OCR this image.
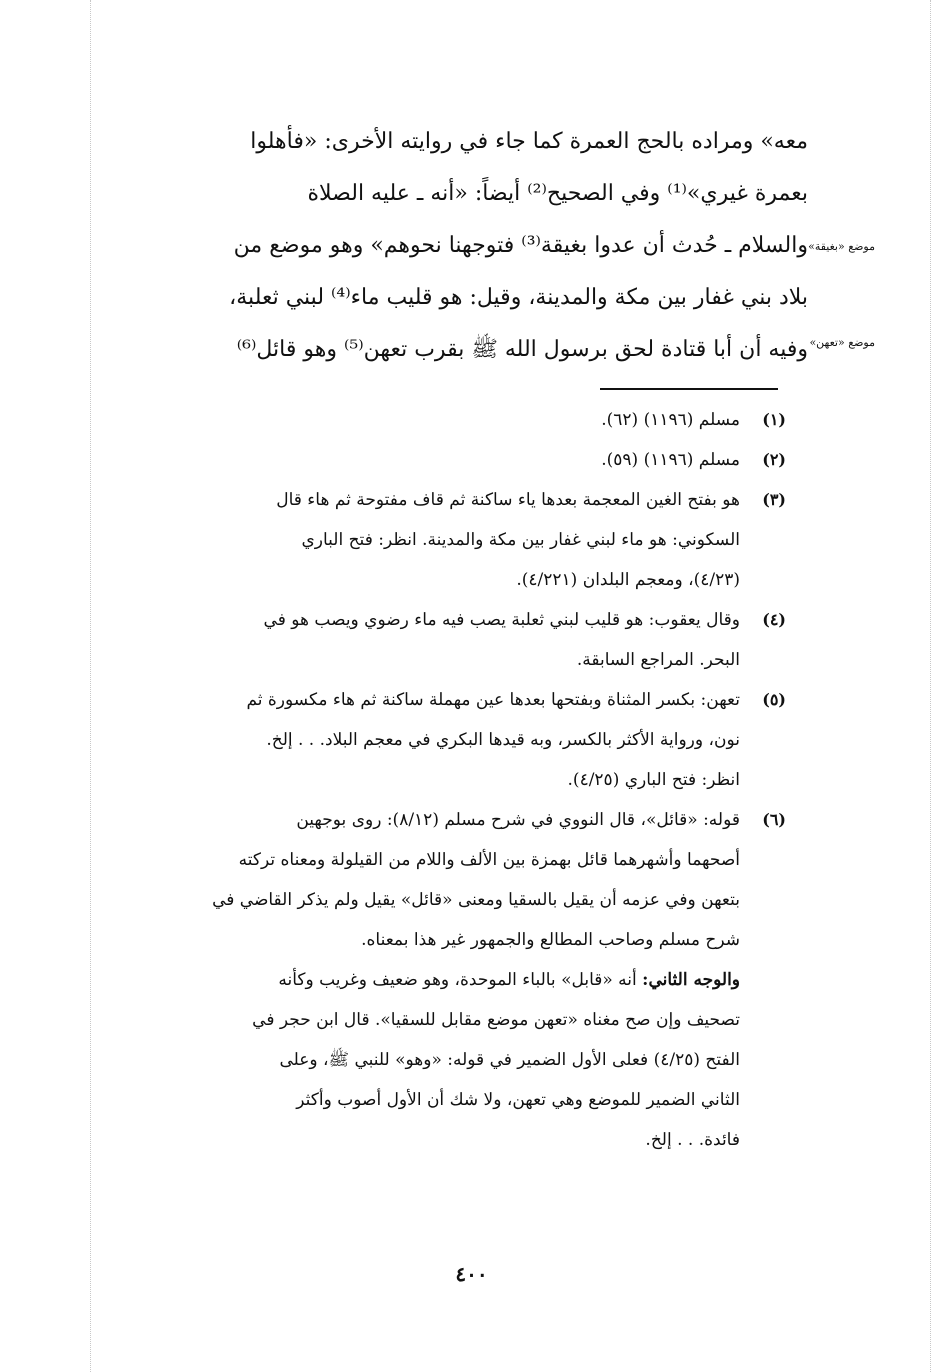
معه» ومراده بالحج العمرة كما جاء في روايته الأخرى: «فأهلوا
بعمرة غيري»⁽¹⁾ وفي الصحيح⁽²⁾ أيضاً: «أنه ـ عليه الصلاة
والسلام ـ حُدث أن عدوا بغيقة⁽³⁾ فتوجهنا نحوهم» وهو موضع من
بلاد بني غفار بين مكة والمدينة، وقيل: هو قليب ماء⁽⁴⁾ لبني ثعلبة،
وفيه أن أبا قتادة لحق برسول الله ﷺ بقرب تعهن⁽⁵⁾ وهو قائل⁽⁶⁾
موضع «بغيقة»
موضع «تعهن»
(١)
مسلم (١١٩٦) (٦٢).
(٢)
مسلم (١١٩٦) (٥٩).
(٣)
هو بفتح الغين المعجمة بعدها ياء ساكنة ثم قاف مفتوحة ثم هاء قال
السكوني: هو ماء لبني غفار بين مكة والمدينة. انظر: فتح الباري
(٤/٢٣)، ومعجم البلدان (٤/٢٢١).
(٤)
وقال يعقوب: هو قليب لبني ثعلبة يصب فيه ماء رضوي ويصب هو في
البحر. المراجع السابقة.
(٥)
تعهن: بكسر المثناة وبفتحها بعدها عين مهملة ساكنة ثم هاء مكسورة ثم
نون، ورواية الأكثر بالكسر، وبه قيدها البكري في معجم البلاد. . . إلخ.
انظر: فتح الباري (٤/٢٥).
(٦)
قوله: «قائل»، قال النووي في شرح مسلم (٨/١٢): روى بوجهين
أصحهما وأشهرهما قائل بهمزة بين الألف واللام من القيلولة ومعناه تركته
بتعهن وفي عزمه أن يقيل بالسقيا ومعنى «قائل» يقيل ولم يذكر القاضي في
شرح مسلم وصاحب المطالع والجمهور غير هذا بمعناه.
والوجه الثاني: أنه «قابل» بالباء الموحدة، وهو ضعيف وغريب وكأنه
تصحيف وإن صح مغناه «تعهن موضع مقابل للسقيا». قال ابن حجر في
الفتح (٤/٢٥) فعلى الأول الضمير في قوله: «وهو» للنبي ﷺ، وعلى
الثاني الضمير للموضع وهي تعهن، ولا شك أن الأول أصوب وأكثر
فائدة. . . إلخ.
٤٠٠
